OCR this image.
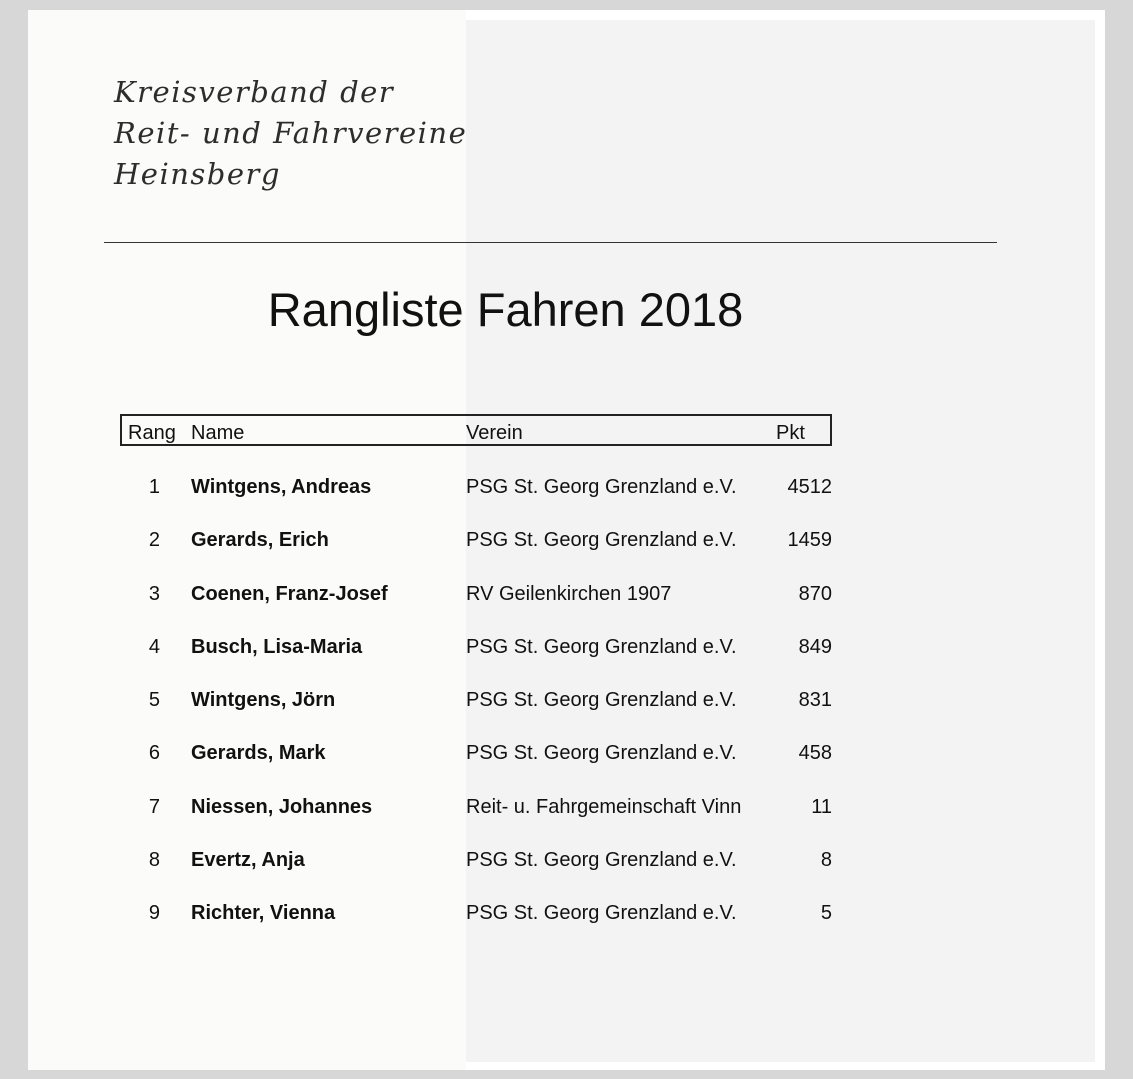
Kreisverband der
Reit- und Fahrvereine
Heinsberg
Rangliste Fahren 2018
Rang Name	Verein	Pkt
1 Wintgens, Andreas	PSG St. Georg Grenzland e.V.	4512
2 Gerards, Erich	PSG St. Georg Grenzland e.V.	1459
3 Coenen, Franz-Josef	RV Geilenkirchen 1907	870
4 Busch, Lisa-Maria	PSG St. Georg Grenzland e.V.	849
5 Wintgens, Jörn	PSG St. Georg Grenzland e.V.	831
6 Gerards, Mark	PSG St. Georg Grenzland e.V.	458
7 Niessen, Johannes	Reit- u. Fahrgemeinschaft Vinn	11
8 Evertz, Anja	PSG St. Georg Grenzland e.V.	8
9 Richter, Vienna	PSG St. Georg Grenzland e.V.	5
